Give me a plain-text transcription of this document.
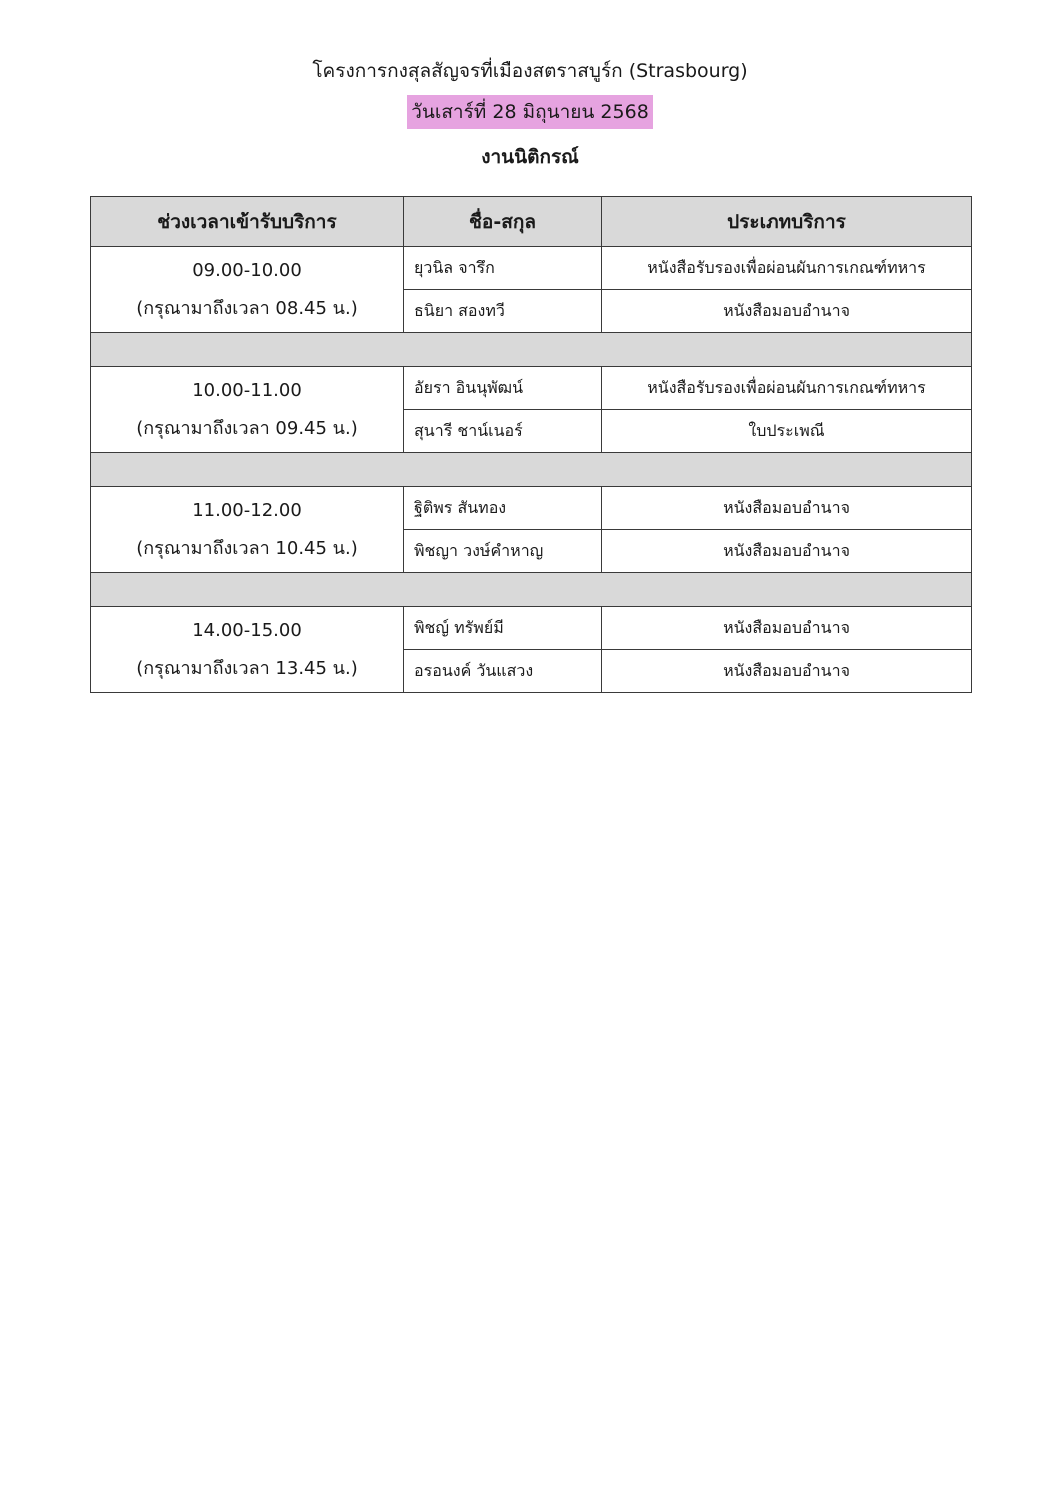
โครงการกงสุลสัญจรที่เมืองสตราสบูร์ก (Strasbourg)
วันเสาร์ที่ 28 มิถุนายน 2568
งานนิติกรณ์
ช่วงเวลาเข้ารับบริการ	ชื่อ-สกุล	ประเภทบริการ

09.00-10.00
(กรุณามาถึงเวลา 08.45 น.)	ยุวนิล จารึก	หนังสือรับรองเพื่อผ่อนผันการเกณฑ์ทหาร
	ธนิยา สองทวี	หนังสือมอบอำนาจ

10.00-11.00
(กรุณามาถึงเวลา 09.45 น.)	อัยรา อินนุพัฒน์	หนังสือรับรองเพื่อผ่อนผันการเกณฑ์ทหาร
	สุนารี ชาน์เนอร์	ใบประเพณี

11.00-12.00
(กรุณามาถึงเวลา 10.45 น.)	ฐิติพร สันทอง	หนังสือมอบอำนาจ
	พิชญา วงษ์คำหาญ	หนังสือมอบอำนาจ

14.00-15.00
(กรุณามาถึงเวลา 13.45 น.)	พิชญ์ ทรัพย์มี	หนังสือมอบอำนาจ
	อรอนงค์ วันแสวง	หนังสือมอบอำนาจ
